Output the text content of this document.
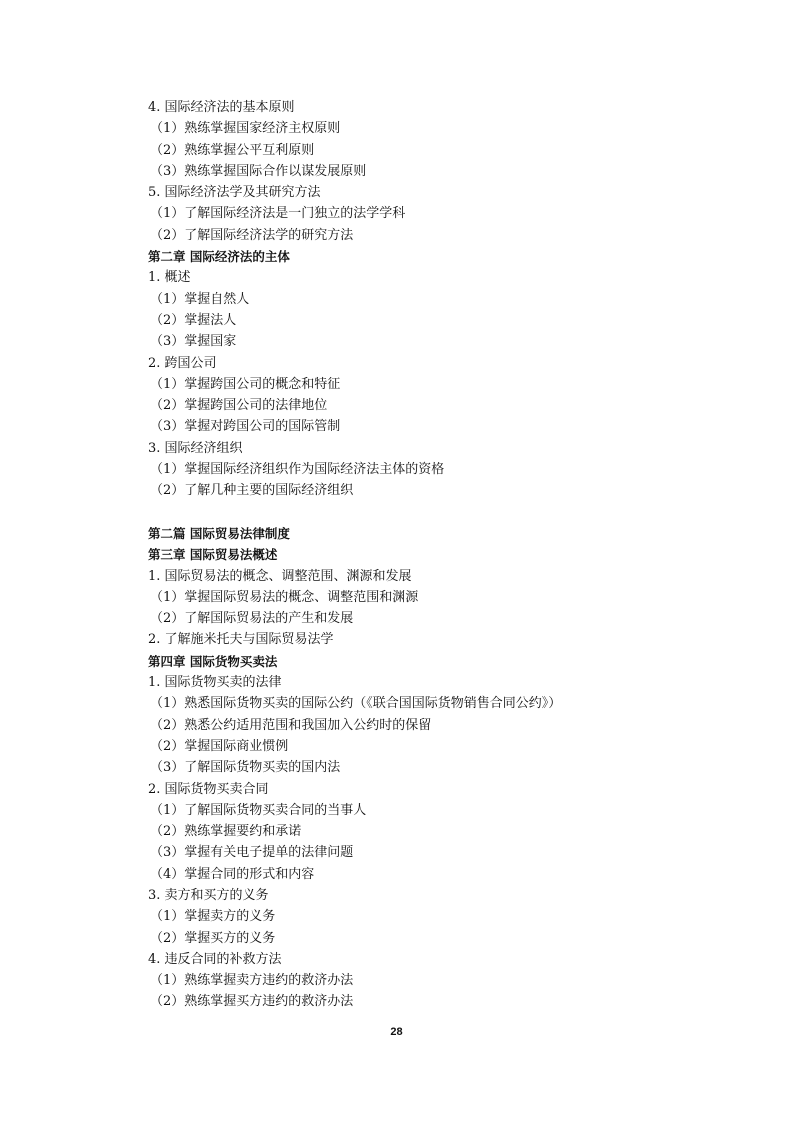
4. 国际经济法的基本原则
（1）熟练掌握国家经济主权原则
（2）熟练掌握公平互利原则
（3）熟练掌握国际合作以谋发展原则
5. 国际经济法学及其研究方法
（1）了解国际经济法是一门独立的法学学科
（2）了解国际经济法学的研究方法
第二章 国际经济法的主体
1. 概述
（1）掌握自然人
（2）掌握法人
（3）掌握国家
2. 跨国公司
（1）掌握跨国公司的概念和特征
（2）掌握跨国公司的法律地位
（3）掌握对跨国公司的国际管制
3. 国际经济组织
（1）掌握国际经济组织作为国际经济法主体的资格
（2）了解几种主要的国际经济组织
第二篇 国际贸易法律制度
第三章 国际贸易法概述
1. 国际贸易法的概念、调整范围、渊源和发展
（1）掌握国际贸易法的概念、调整范围和渊源
（2）了解国际贸易法的产生和发展
2. 了解施米托夫与国际贸易法学
第四章 国际货物买卖法
1. 国际货物买卖的法律
（1）熟悉国际货物买卖的国际公约（《联合国国际货物销售合同公约》）
（2）熟悉公约适用范围和我国加入公约时的保留
（2）掌握国际商业惯例
（3）了解国际货物买卖的国内法
2. 国际货物买卖合同
（1）了解国际货物买卖合同的当事人
（2）熟练掌握要约和承诺
（3）掌握有关电子提单的法律问题
（4）掌握合同的形式和内容
3. 卖方和买方的义务
（1）掌握卖方的义务
（2）掌握买方的义务
4. 违反合同的补救方法
（1）熟练掌握卖方违约的救济办法
（2）熟练掌握买方违约的救济办法
28
